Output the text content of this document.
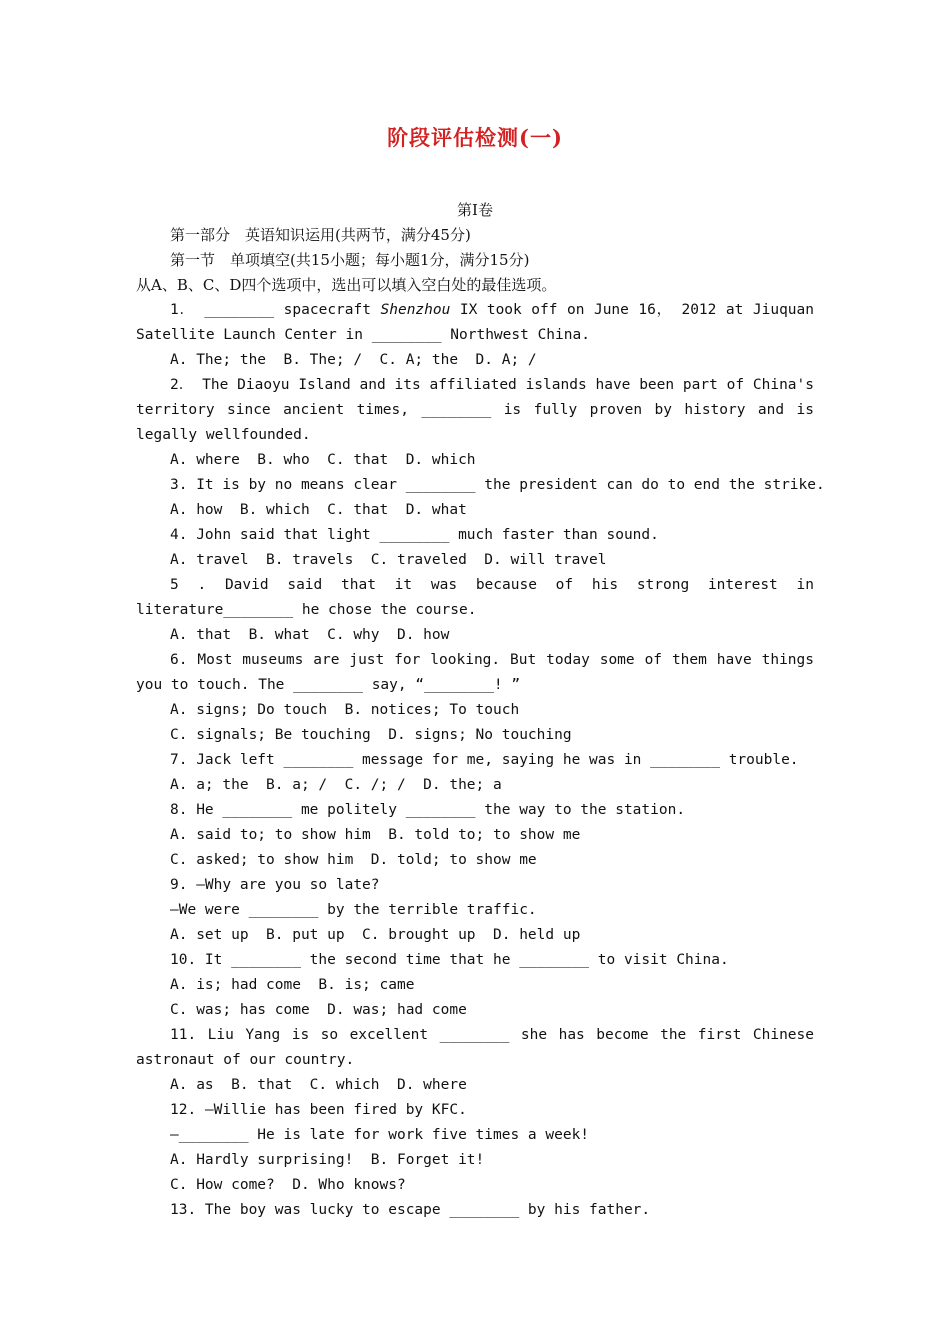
阶段评估检测(一)
第Ⅰ卷
第一部分　英语知识运用(共两节，满分45分)
第一节　单项填空(共15小题；每小题1分，满分15分)
从A、B、C、D四个选项中，选出可以填入空白处的最佳选项。
1． ________ spacecraft Shenzhou IX took off on June 16， 2012 at Jiuquan
Satellite Launch Center in ________ Northwest China.
A. The; the  B. The; /  C. A; the  D. A; /
2． The Diaoyu Island and its affiliated islands have been part of China's
territory since ancient times, ________ is fully proven by history and is
legally wellfounded.
A. where  B. who  C. that  D. which
3. It is by no means clear ________ the president can do to end the strike.
A. how  B. which  C. that  D. what
4. John said that light ________ much faster than sound.
A. travel  B. travels  C. traveled  D. will travel
5 . David said that it was because of his strong interest in
literature________ he chose the course.
A. that  B. what  C. why  D. how
6. Most museums are just for looking. But today some of them have things
you to touch. The ________ say, “________! ”
A. signs; Do touch  B. notices; To touch
C. signals; Be touching  D. signs; No touching
7. Jack left ________ message for me, saying he was in ________ trouble.
A. a; the  B. a; /  C. /; /  D. the; a
8. He ________ me politely ________ the way to the station.
A. said to; to show him  B. told to; to show me
C. asked; to show him  D. told; to show me
9. —Why are you so late?
—We were ________ by the terrible traffic.
A. set up  B. put up  C. brought up  D. held up
10. It ________ the second time that he ________ to visit China.
A. is; had come  B. is; came
C. was; has come  D. was; had come
11. Liu Yang is so excellent ________ she has become the first Chinese
astronaut of our country.
A. as  B. that  C. which  D. where
12. —Willie has been fired by KFC.
—________ He is late for work five times a week!
A. Hardly surprising!  B. Forget it!
C. How come?  D. Who knows?
13. The boy was lucky to escape ________ by his father.
